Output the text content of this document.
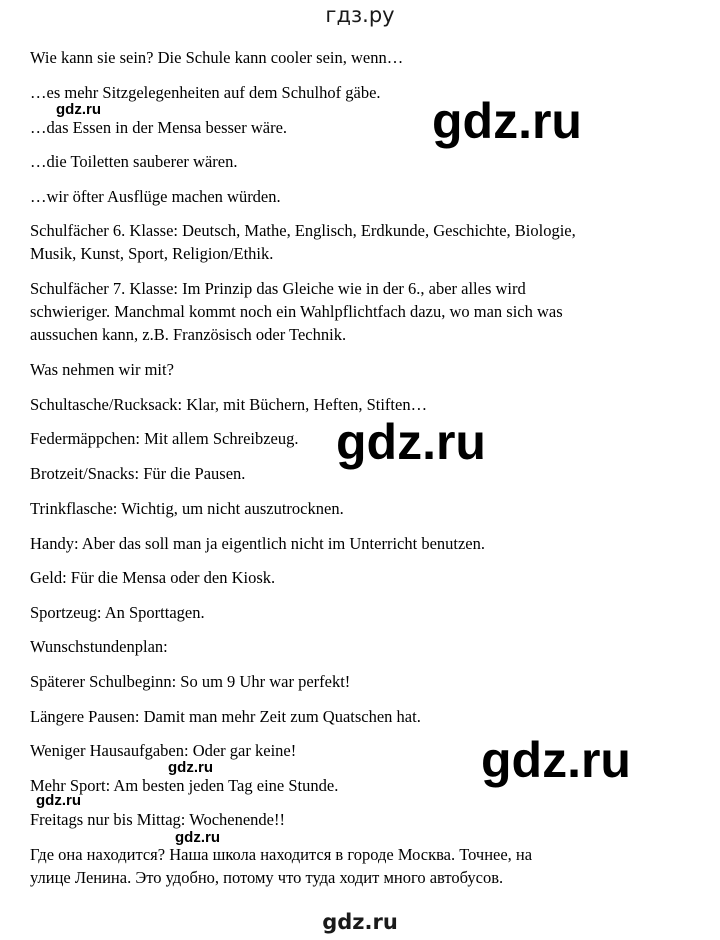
гдз.ру
Wie kann sie sein? Die Schule kann cooler sein, wenn…
…es mehr Sitzgelegenheiten auf dem Schulhof gäbe.
…das Essen in der Mensa besser wäre.
…die Toiletten sauberer wären.
…wir öfter Ausflüge machen würden.
Schulfächer 6. Klasse: Deutsch, Mathe, Englisch, Erdkunde, Geschichte, Biologie,
Musik, Kunst, Sport, Religion/Ethik.
Schulfächer 7. Klasse: Im Prinzip das Gleiche wie in der 6., aber alles wird
schwieriger. Manchmal kommt noch ein Wahlpflichtfach dazu, wo man sich was
aussuchen kann, z.B. Französisch oder Technik.
Was nehmen wir mit?
Schultasche/Rucksack: Klar, mit Büchern, Heften, Stiften…
Federmäppchen: Mit allem Schreibzeug.
Brotzeit/Snacks: Für die Pausen.
Trinkflasche: Wichtig, um nicht auszutrocknen.
Handy: Aber das soll man ja eigentlich nicht im Unterricht benutzen.
Geld: Für die Mensa oder den Kiosk.
Sportzeug: An Sporttagen.
Wunschstundenplan:
Späterer Schulbeginn: So um 9 Uhr war perfekt!
Längere Pausen: Damit man mehr Zeit zum Quatschen hat.
Weniger Hausaufgaben: Oder gar keine!
Mehr Sport: Am besten jeden Tag eine Stunde.
Freitags nur bis Mittag: Wochenende!!
Где она находится? Наша школа находится в городе Москва. Точнее, на
улице Ленина. Это удобно, потому что туда ходит много автобусов.
gdz.ru
gdz.ru
gdz.ru
gdz.ru
gdz.ru
gdz.ru
gdz.ru
gdz.ru
